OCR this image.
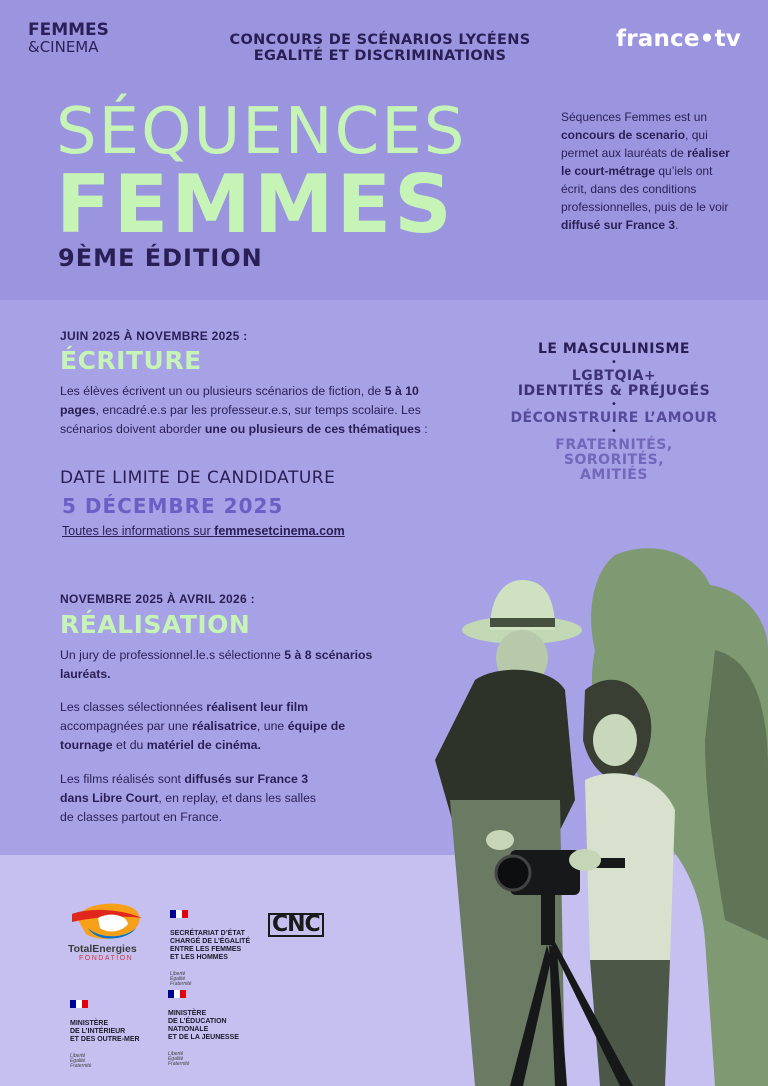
FEMMES
&CINEMA	CONCOURS DE SCÉNARIOS LYCÉENS
EGALITÉ ET DISCRIMINATIONS
france•tv
SÉQUENCES
FEMMES
9ÈME ÉDITION
Séquences Femmes est un concours de scenario, qui permet aux lauréats de réaliser le court-métrage qu’iels ont écrit, dans des conditions professionnelles, puis de le voir diffusé sur France 3.
JUIN 2025 À NOVEMBRE 2025 :
ÉCRITURE
Les élèves écrivent un ou plusieurs scénarios de fiction, de 5 à 10 pages, encadré.e.s par les professeur.e.s, sur temps scolaire. Les scénarios doivent aborder une ou plusieurs de ces thématiques :
DATE LIMITE DE CANDIDATURE
5 DÉCEMBRE 2025
Toutes les informations sur femmesetcinema.com
LE MASCULINISME
•
LGBTQIA+
IDENTITÉS & PRÉJUGÉS
•
DÉCONSTRUIRE L’AMOUR
•
FRATERNITÉS,
SORORITÉS,
AMITIÉS
NOVEMBRE 2025 À AVRIL 2026 :
RÉALISATION
Un jury de professionnel.le.s sélectionne 5 à 8 scénarios lauréats.
Les classes sélectionnées réalisent leur film accompagnées par une réalisatrice, une équipe de tournage et du matériel de cinéma.
Les films réalisés sont diffusés sur France 3 dans Libre Court, en replay, et dans les salles de classes partout en France.
TotalEnergies
FONDATION

SECRÉTARIAT D’ÉTAT
CHARGÉ DE L’ÉGALITÉ
ENTRE LES FEMMES
ET LES HOMMES

Liberté
Égalité
Fraternité

CNC

MINISTÈRE
DE L’INTÉRIEUR
ET DES OUTRE-MER

Liberté
Égalité
Fraternité

MINISTÈRE
DE L’ÉDUCATION
NATIONALE
ET DE LA JEUNESSE

Liberté
Égalité
Fraternité
